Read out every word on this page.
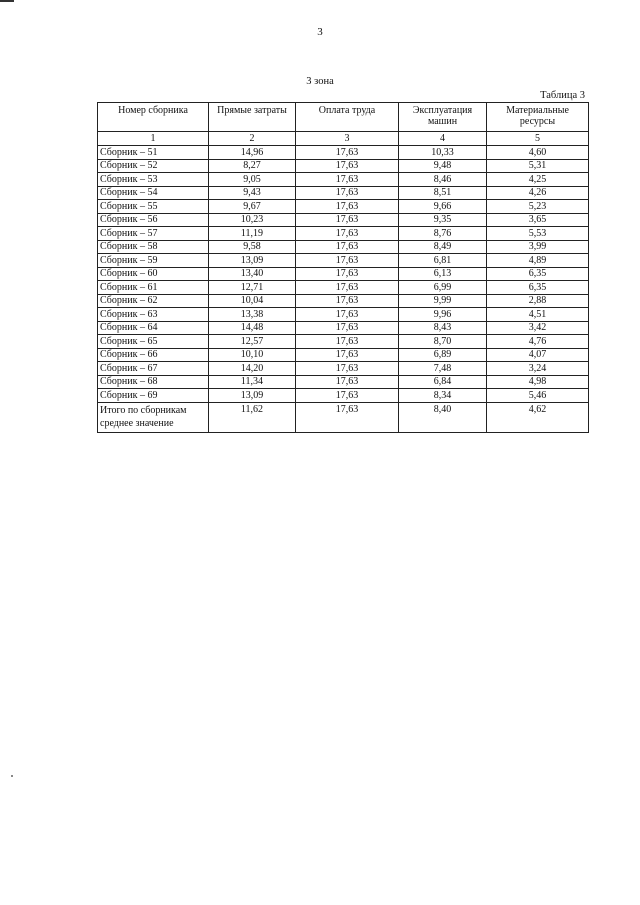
3
3 зона
Таблица 3
Номер сборника	Прямые затраты	Оплата труда	Эксплуатация машин	Материальные ресурсы
1	2	3	4	5
Сборник – 51	14,96	17,63	10,33	4,60
Сборник – 52	8,27	17,63	9,48	5,31
Сборник – 53	9,05	17,63	8,46	4,25
Сборник – 54	9,43	17,63	8,51	4,26
Сборник – 55	9,67	17,63	9,66	5,23
Сборник – 56	10,23	17,63	9,35	3,65
Сборник – 57	11,19	17,63	8,76	5,53
Сборник – 58	9,58	17,63	8,49	3,99
Сборник – 59	13,09	17,63	6,81	4,89
Сборник – 60	13,40	17,63	6,13	6,35
Сборник – 61	12,71	17,63	6,99	6,35
Сборник – 62	10,04	17,63	9,99	2,88
Сборник – 63	13,38	17,63	9,96	4,51
Сборник – 64	14,48	17,63	8,43	3,42
Сборник – 65	12,57	17,63	8,70	4,76
Сборник – 66	10,10	17,63	6,89	4,07
Сборник – 67	14,20	17,63	7,48	3,24
Сборник – 68	11,34	17,63	6,84	4,98
Сборник – 69	13,09	17,63	8,34	5,46
Итого по сборникам
среднее значение	11,62	17,63	8,40	4,62
